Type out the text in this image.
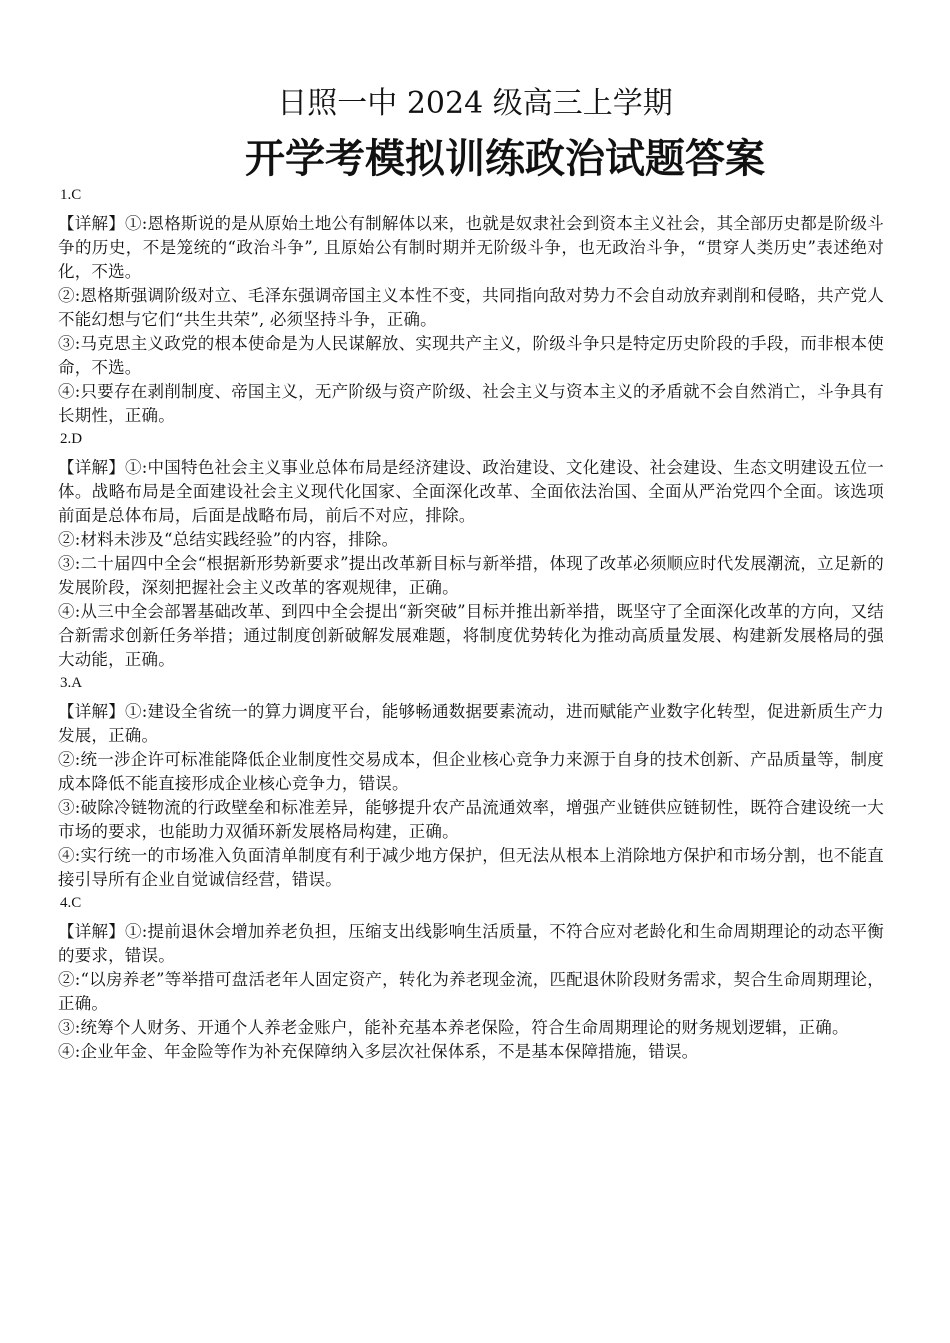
日照一中 2024 级高三上学期
开学考模拟训练政治试题答案
1.C

【详解】①:恩格斯说的是从原始土地公有制解体以来，也就是奴隶社会到资本主义社会，其全部历史都是阶级斗争的历史，不是笼统的“政治斗争”, 且原始公有制时期并无阶级斗争，也无政治斗争，“贯穿人类历史”表述绝对化，不选。

②:恩格斯强调阶级对立、毛泽东强调帝国主义本性不变，共同指向敌对势力不会自动放弃剥削和侵略，共产党人不能幻想与它们“共生共荣”, 必须坚持斗争，正确。

③:马克思主义政党的根本使命是为人民谋解放、实现共产主义，阶级斗争只是特定历史阶段的手段，而非根本使命，不选。

④:只要存在剥削制度、帝国主义，无产阶级与资产阶级、社会主义与资本主义的矛盾就不会自然消亡，斗争具有长期性，正确。

2.D

【详解】①:中国特色社会主义事业总体布局是经济建设、政治建设、文化建设、社会建设、生态文明建设五位一体。战略布局是全面建设社会主义现代化国家、全面深化改革、全面依法治国、全面从严治党四个全面。该选项前面是总体布局，后面是战略布局，前后不对应，排除。

②:材料未涉及“总结实践经验”的内容，排除。

③:二十届四中全会“根据新形势新要求”提出改革新目标与新举措，体现了改革必须顺应时代发展潮流，立足新的发展阶段，深刻把握社会主义改革的客观规律，正确。

④:从三中全会部署基础改革、到四中全会提出“新突破”目标并推出新举措，既坚守了全面深化改革的方向，又结合新需求创新任务举措；通过制度创新破解发展难题，将制度优势转化为推动高质量发展、构建新发展格局的强大动能，正确。

3.A

【详解】①:建设全省统一的算力调度平台，能够畅通数据要素流动，进而赋能产业数字化转型，促进新质生产力发展，正确。

②:统一涉企许可标准能降低企业制度性交易成本，但企业核心竞争力来源于自身的技术创新、产品质量等，制度成本降低不能直接形成企业核心竞争力，错误。

③:破除冷链物流的行政壁垒和标准差异，能够提升农产品流通效率，增强产业链供应链韧性，既符合建设统一大市场的要求，也能助力双循环新发展格局构建，正确。

④:实行统一的市场准入负面清单制度有利于减少地方保护，但无法从根本上消除地方保护和市场分割，也不能直接引导所有企业自觉诚信经营，错误。

4.C

【详解】①:提前退休会增加养老负担，压缩支出线影响生活质量，不符合应对老龄化和生命周期理论的动态平衡的要求，错误。

②:“以房养老”等举措可盘活老年人固定资产，转化为养老现金流，匹配退休阶段财务需求，契合生命周期理论，正确。

③:统筹个人财务、开通个人养老金账户，能补充基本养老保险，符合生命周期理论的财务规划逻辑，正确。

④:企业年金、年金险等作为补充保障纳入多层次社保体系，不是基本保障措施，错误。
